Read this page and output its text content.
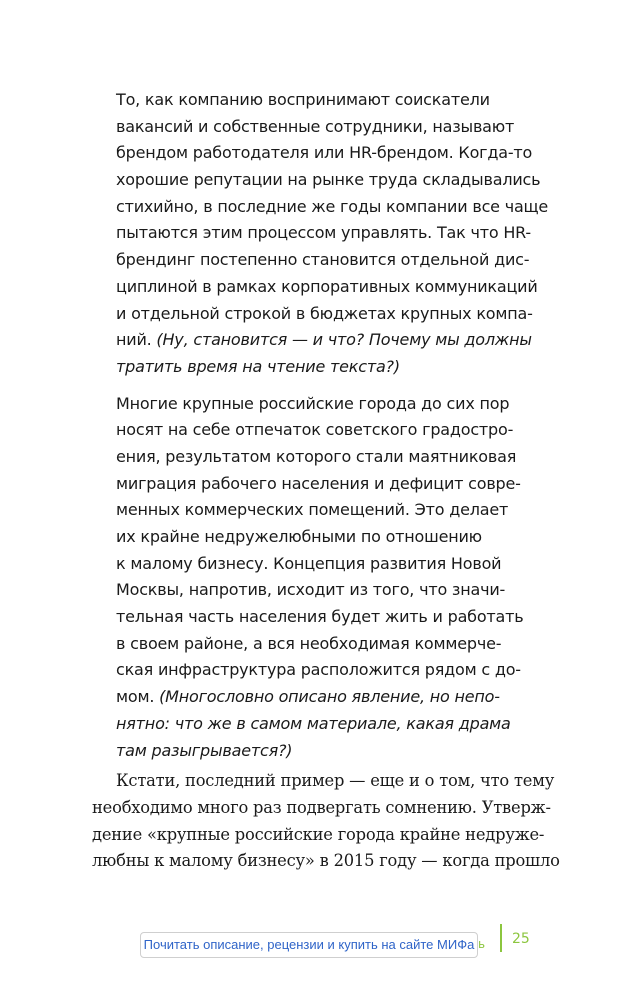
То, как компанию воспринимают соискатели
вакансий и собственные сотрудники, называют
брендом работодателя или HR-брендом. Когда-то
хорошие репутации на рынке труда складывались
стихийно, в последние же годы компании все чаще
пытаются этим процессом управлять. Так что HR-
брендинг постепенно становится отдельной дис-
циплиной в рамках корпоративных коммуникаций
и отдельной строкой в бюджетах крупных компа-
ний. (Ну, становится — и что? Почему мы должны
тратить время на чтение текста?)
Многие крупные российские города до сих пор
носят на себе отпечаток советского градостро-
ения, результатом которого стали маятниковая
миграция рабочего населения и дефицит совре-
менных коммерческих помещений. Это делает
их крайне недружелюбными по отношению
к малому бизнесу. Концепция развития Новой
Москвы, напротив, исходит из того, что значи-
тельная часть населения будет жить и работать
в своем районе, а вся необходимая коммерче-
ская инфраструктура расположится рядом с до-
мом. (Многословно описано явление, но непо-
нятно: что же в самом материале, какая драма
там разыгрывается?)
Кстати, последний пример — еще и о том, что тему
необходимо много раз подвергать сомнению. Утверж-
дение «крупные российские города крайне недруже-
любны к малому бизнесу» в 2015 году — когда прошло
ь 25
Почитать описание, рецензии и купить на сайте МИФа
